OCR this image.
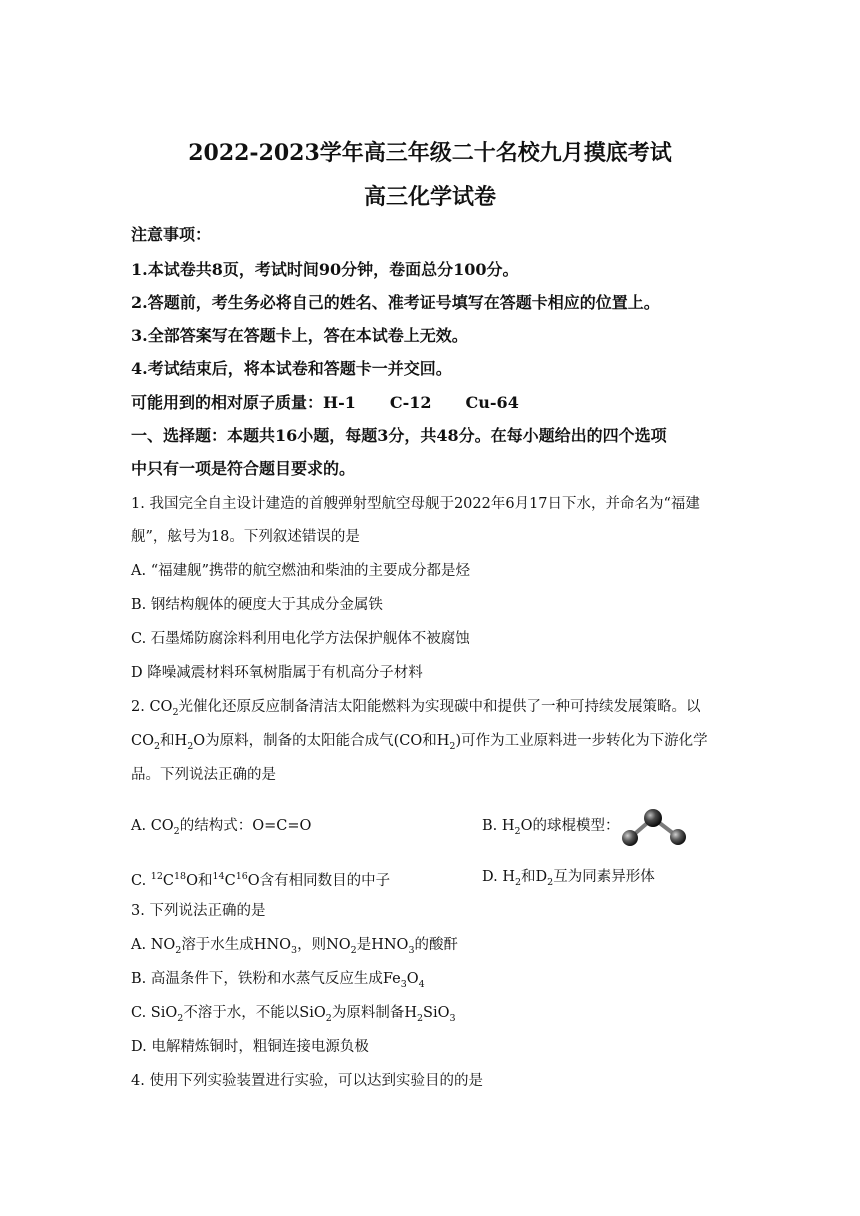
2022-2023学年高三年级二十名校九月摸底考试
高三化学试卷
注意事项：
1.本试卷共8页，考试时间90分钟，卷面总分100分。
2.答题前，考生务必将自己的姓名、准考证号填写在答题卡相应的位置上。
3.全部答案写在答题卡上，答在本试卷上无效。
4.考试结束后，将本试卷和答题卡一并交回。
可能用到的相对原子质量：H-1 C-12 Cu-64
一、选择题：本题共16小题，每题3分，共48分。在每小题给出的四个选项
中只有一项是符合题目要求的。
1. 我国完全自主设计建造的首艘弹射型航空母舰于2022年6月17日下水，并命名为“福建
舰”，舷号为18。下列叙述错误的是
A. “福建舰”携带的航空燃油和柴油的主要成分都是烃
B. 钢结构舰体的硬度大于其成分金属铁
C. 石墨烯防腐涂料利用电化学方法保护舰体不被腐蚀
D 降噪减震材料环氧树脂属于有机高分子材料
2. $CO_2$光催化还原反应制备清洁太阳能燃料为实现碳中和提供了一种可持续发展策略。以
$CO_2$和$H_2O$为原料，制备的太阳能合成气(CO和$H_2$)可作为工业原料进一步转化为下游化学
品。下列说法正确的是
A. $CO_2$的结构式：O=C=O	B. $H_2O$的球棍模型：
C. $^{12}C^{18}O$和$^{14}C^{16}O$含有相同数目的中子	D. $H_2$和$D_2$互为同素异形体
3. 下列说法正确的是
A. $NO_2$溶于水生成$HNO_3$，则$NO_2$是$HNO_3$的酸酐
B. 高温条件下，铁粉和水蒸气反应生成$Fe_3O_4$
C. SiO$_2$不溶于水，不能以SiO$_2$为原料制备$H_2SiO_3$
D. 电解精炼铜时，粗铜连接电源负极
4. 使用下列实验装置进行实验，可以达到实验目的的是
